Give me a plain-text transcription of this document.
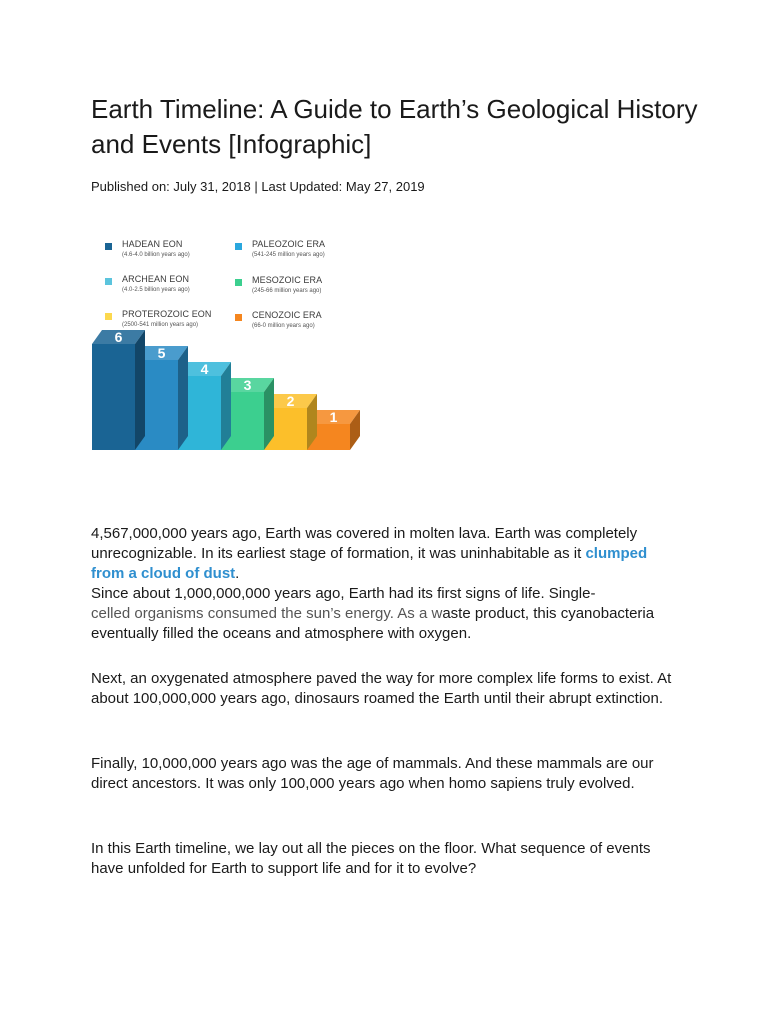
Earth Timeline: A Guide to Earth’s Geological History and Events [Infographic]
Published on: July 31, 2018 | Last Updated: May 27, 2019
HADEAN EON
(4.6-4.0 billion years ago)
ARCHEAN EON
(4.0-2.5 billion years ago)
PROTEROZOIC EON
(2500-541 million years ago)
PALEOZOIC ERA
(541-245 million years ago)
MESOZOIC ERA
(245-66 million years ago)
CENOZOIC ERA
(66-0 million years ago)
1
2
3
4
5
6
4,567,000,000 years ago, Earth was covered in molten lava. Earth was completely unrecognizable. In its earliest stage of formation, it was uninhabitable as it clumped from a cloud of dust.
Since about 1,000,000,000 years ago, Earth had its first signs of life. Single-
celled organisms consumed the sun’s energy. As a waste product, this cyanobacteria eventually filled the oceans and atmosphere with oxygen.
Next, an oxygenated atmosphere paved the way for more complex life forms to exist. At about 100,000,000 years ago, dinosaurs roamed the Earth until their abrupt extinction.
Finally, 10,000,000 years ago was the age of mammals. And these mammals are our direct ancestors. It was only 100,000 years ago when homo sapiens truly evolved.
In this Earth timeline, we lay out all the pieces on the floor. What sequence of events have unfolded for Earth to support life and for it to evolve?
